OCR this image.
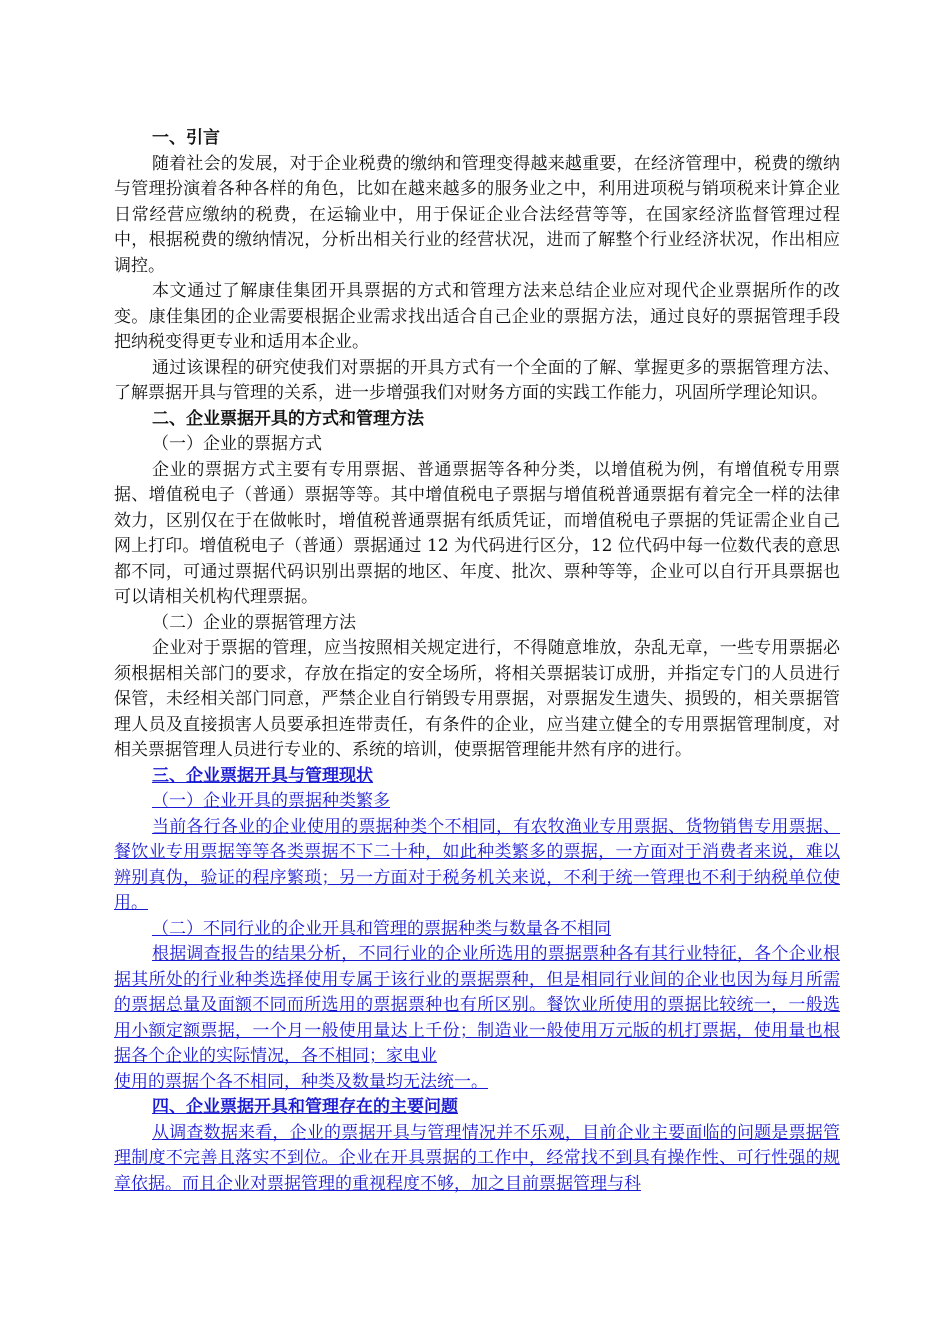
一、引言

随着社会的发展，对于企业税费的缴纳和管理变得越来越重要，在经济管理中，税费的缴纳与管理扮演着各种各样的角色，比如在越来越多的服务业之中，利用进项税与销项税来计算企业日常经营应缴纳的税费，在运输业中，用于保证企业合法经营等等，在国家经济监督管理过程中，根据税费的缴纳情况，分析出相关行业的经营状况，进而了解整个行业经济状况，作出相应调控。

本文通过了解康佳集团开具票据的方式和管理方法来总结企业应对现代企业票据所作的改变。康佳集团的企业需要根据企业需求找出适合自己企业的票据方法，通过良好的票据管理手段把纳税变得更专业和适用本企业。

通过该课程的研究使我们对票据的开具方式有一个全面的了解、掌握更多的票据管理方法、了解票据开具与管理的关系，进一步增强我们对财务方面的实践工作能力，巩固所学理论知识。

二、企业票据开具的方式和管理方法

（一）企业的票据方式

企业的票据方式主要有专用票据、普通票据等各种分类，以增值税为例，有增值税专用票据、增值税电子（普通）票据等等。其中增值税电子票据与增值税普通票据有着完全一样的法律效力，区别仅在于在做帐时，增值税普通票据有纸质凭证，而增值税电子票据的凭证需企业自己网上打印。增值税电子（普通）票据通过 12 为代码进行区分，12 位代码中每一位数代表的意思都不同，可通过票据代码识别出票据的地区、年度、批次、票种等等，企业可以自行开具票据也可以请相关机构代理票据。

（二）企业的票据管理方法

企业对于票据的管理，应当按照相关规定进行，不得随意堆放，杂乱无章，一些专用票据必须根据相关部门的要求，存放在指定的安全场所，将相关票据装订成册，并指定专门的人员进行保管，未经相关部门同意，严禁企业自行销毁专用票据，对票据发生遗失、损毁的，相关票据管理人员及直接损害人员要承担连带责任，有条件的企业，应当建立健全的专用票据管理制度，对相关票据管理人员进行专业的、系统的培训，使票据管理能井然有序的进行。

三、企业票据开具与管理现状

（一）企业开具的票据种类繁多

当前各行各业的企业使用的票据种类个不相同，有农牧渔业专用票据、货物销售专用票据、餐饮业专用票据等等各类票据不下二十种，如此种类繁多的票据，一方面对于消费者来说，难以辨别真伪，验证的程序繁琐；另一方面对于税务机关来说，不利于统一管理也不利于纳税单位使用。

（二）不同行业的企业开具和管理的票据种类与数量各不相同

根据调查报告的结果分析，不同行业的企业所选用的票据票种各有其行业特征，各个企业根据其所处的行业种类选择使用专属于该行业的票据票种，但是相同行业间的企业也因为每月所需的票据总量及面额不同而所选用的票据票种也有所区别。餐饮业所使用的票据比较统一，一般选用小额定额票据，一个月一般使用量达上千份；制造业一般使用万元版的机打票据，使用量也根据各个企业的实际情况，各不相同；家电业

使用的票据个各不相同，种类及数量均无法统一。

四、企业票据开具和管理存在的主要问题

从调查数据来看，企业的票据开具与管理情况并不乐观，目前企业主要面临的问题是票据管理制度不完善且落实不到位。企业在开具票据的工作中，经常找不到具有操作性、可行性强的规章依据。而且企业对票据管理的重视程度不够，加之目前票据管理与科
